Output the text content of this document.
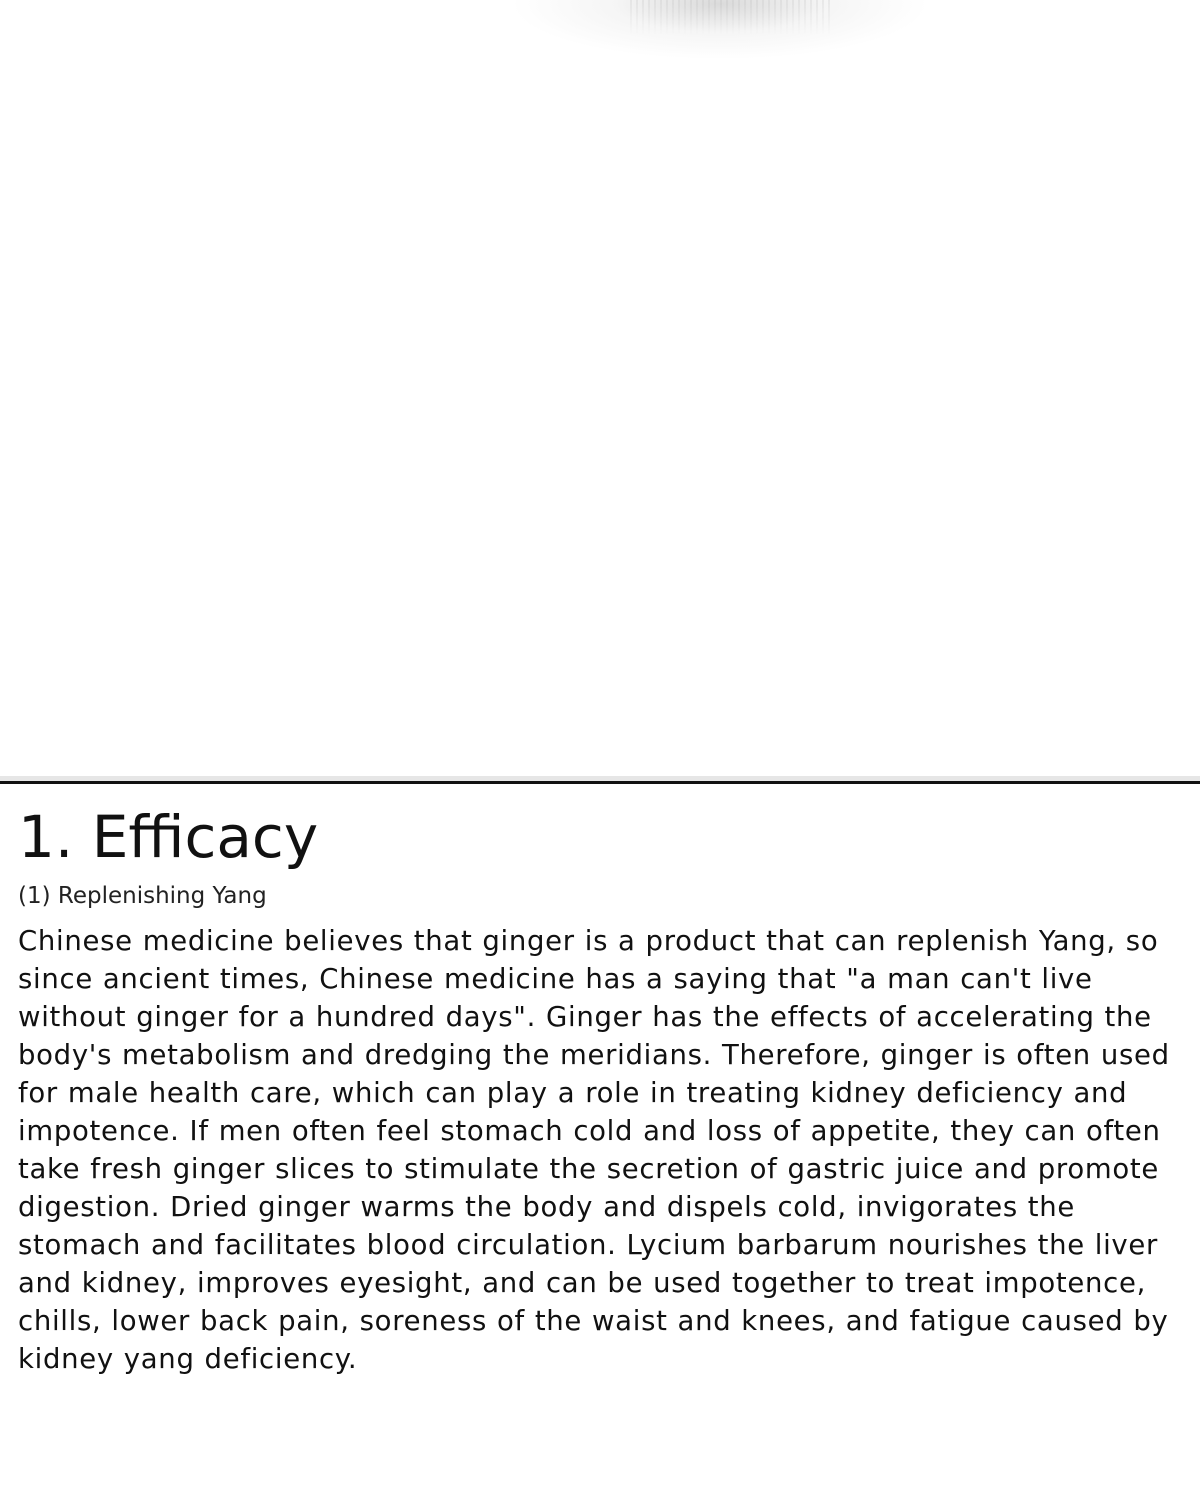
1. Efficacy

(1) Replenishing Yang

Chinese medicine believes that ginger is a product that can replenish Yang, so since ancient times, Chinese medicine has a saying that "a man can't live without ginger for a hundred days". Ginger has the effects of accelerating the body's metabolism and dredging the meridians. Therefore, ginger is often used for male health care, which can play a role in treating kidney deficiency and impotence. If men often feel stomach cold and loss of appetite, they can often take fresh ginger slices to stimulate the secretion of gastric juice and promote digestion. Dried ginger warms the body and dispels cold, invigorates the stomach and facilitates blood circulation. Lycium barbarum nourishes the liver and kidney, improves eyesight, and can be used together to treat impotence, chills, lower back pain, soreness of the waist and knees, and fatigue caused by kidney yang deficiency.
